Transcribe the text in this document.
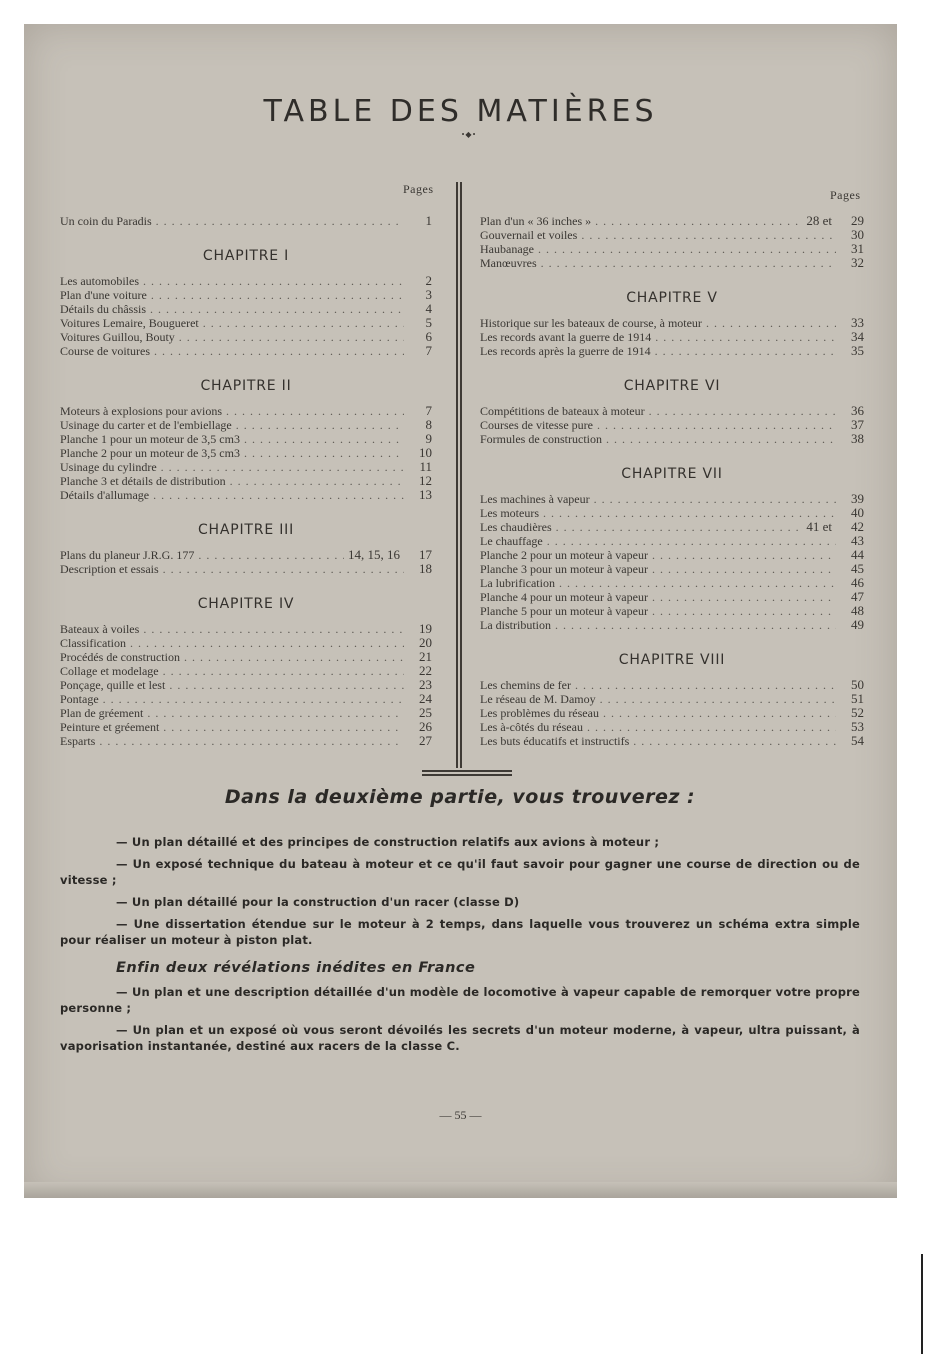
TABLE DES MATIÈRES
•◆•
Pages	Pages
Un coin du Paradis . . .	1
CHAPITRE I
Les automobiles . . .	2
Plan d'une voiture . . .	3
Détails du châssis . . .	4
Voitures Lemaire, Bougueret . . .	5
Voitures Guillou, Bouty . . .	6
Course de voitures . . .	7
CHAPITRE II
Moteurs à explosions pour avions . . .	7
Usinage du carter et de l'embiellage . . .	8
Planche 1 pour un moteur de 3,5 cm3 . . .	9
Planche 2 pour un moteur de 3,5 cm3 . . .	10
Usinage du cylindre . . .	11
Planche 3 et détails de distribution . . .	12
Détails d'allumage . . .	13
CHAPITRE III
Plans du planeur J.R.G. 177 . . .	14, 15, 16	17
Description et essais . . .	18
CHAPITRE IV
Bateaux à voiles . . .	19
Classification . . .	20
Procédés de construction . . .	21
Collage et modelage . . .	22
Ponçage, quille et lest . . .	23
Pontage . . .	24
Plan de gréement . . .	25
Peinture et gréement . . .	26
Esparts . . .	27
Plan d'un « 36 inches » . . .	28 et	29
Gouvernail et voiles . . .	30
Haubanage . . .	31
Manœuvres . . .	32
CHAPITRE V
Historique sur les bateaux de course, à moteur . . .	33
Les records avant la guerre de 1914 . . .	34
Les records après la guerre de 1914 . . .	35
CHAPITRE VI
Compétitions de bateaux à moteur . . .	36
Courses de vitesse pure . . .	37
Formules de construction . . .	38
CHAPITRE VII
Les machines à vapeur . . .	39
Les moteurs . . .	40
Les chaudières . . .	41 et	42
Le chauffage . . .	43
Planche 2 pour un moteur à vapeur . . .	44
Planche 3 pour un moteur à vapeur . . .	45
La lubrification . . .	46
Planche 4 pour un moteur à vapeur . . .	47
Planche 5 pour un moteur à vapeur . . .	48
La distribution . . .	49
CHAPITRE VIII
Les chemins de fer . . .	50
Le réseau de M. Damoy . . .	51
Les problèmes du réseau . . .	52
Les à-côtés du réseau . . .	53
Les buts éducatifs et instructifs . . .	54
Dans la deuxième partie, vous trouverez :

— Un plan détaillé et des principes de construction relatifs aux avions à moteur ;

— Un exposé technique du bateau à moteur et ce qu'il faut savoir pour gagner une course de direction ou de vitesse ;

— Un plan détaillé pour la construction d'un racer (classe D)

— Une dissertation étendue sur le moteur à 2 temps, dans laquelle vous trouverez un schéma extra simple pour réaliser un moteur à piston plat.

Enfin deux révélations inédites en France

— Un plan et une description détaillée d'un modèle de locomotive à vapeur capable de remorquer votre propre personne ;

— Un plan et un exposé où vous seront dévoilés les secrets d'un moteur moderne, à vapeur, ultra puissant, à vaporisation instantanée, destiné aux racers de la classe C.

— 55 —
